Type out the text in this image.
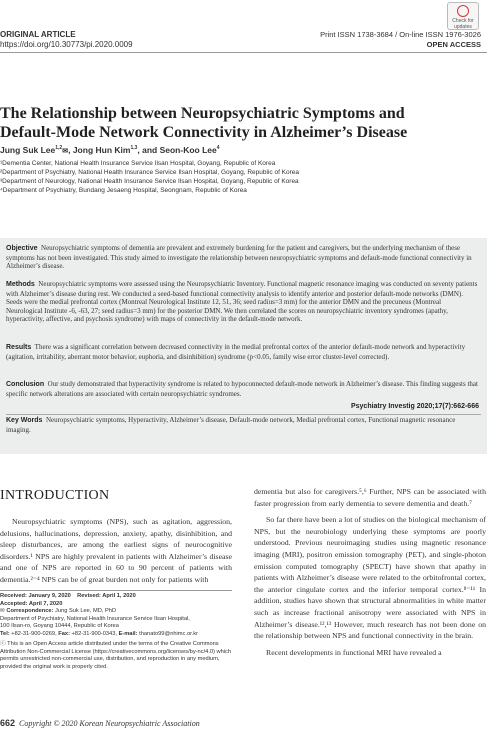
ORIGINAL ARTICLE
https://doi.org/10.30773/pi.2020.0009
Check for updates
Print ISSN 1738-3684 / On-line ISSN 1976-3026
OPEN ACCESS
The Relationship between Neuropsychiatric Symptoms and
Default-Mode Network Connectivity in Alzheimer’s Disease
Jung Suk Lee$^{1,2}$✉, Jong Hun Kim$^{1,3}$, and Seon-Koo Lee$^4$
¹Dementia Center, National Health Insurance Service Ilsan Hospital, Goyang, Republic of Korea
²Department of Psychiatry, National Health Insurance Service Ilsan Hospital, Goyang, Republic of Korea
³Department of Neurology, National Health Insurance Service Ilsan Hospital, Goyang, Republic of Korea
⁴Department of Psychiatry, Bundang Jesaeng Hospital, Seongnam, Republic of Korea
Objective Neuropsychiatric symptoms of dementia are prevalent and extremely burdening for the patient and caregivers, but the underlying mechanism of these symptoms has not been investigated. This study aimed to investigate the relationship between neuropsychiatric symptoms and default-mode functional connectivity in Alzheimer’s disease.
Methods Neuropsychiatric symptoms were assessed using the Neuropsychiatric Inventory. Functional magnetic resonance imaging was conducted on seventy patients with Alzheimer’s disease during rest. We conducted a seed-based functional connectivity analysis to identify anterior and posterior default-mode networks (DMN). Seeds were the medial prefrontal cortex (Montreal Neurological Institute 12, 51, 36; seed radius=3 mm) for the anterior DMN and the precuneus (Montreal Neurological Institute -6, -63, 27; seed radius=3 mm) for the posterior DMN. We then correlated the scores on neuropsychiatric inventory syndromes (apathy, hyperactivity, affective, and psychosis syndrome) with maps of connectivity in the default-mode network.
Results There was a significant correlation between decreased connectivity in the medial prefrontal cortex of the anterior default-mode network and hyperactivity (agitation, irritability, aberrant motor behavior, euphoria, and disinhibition) syndrome (p<0.05, family wise error cluster-level corrected).
Conclusion Our study demonstrated that hyperactivity syndrome is related to hypoconnected default-mode network in Alzheimer’s disease. This finding suggests that specific network alterations are associated with certain neuropsychiatric syndromes.
Key Words Neuropsychiatric symptoms, Hyperactivity, Alzheimer’s disease, Default-mode network, Medial prefrontal cortex, Functional magnetic resonance imaging.
Psychiatry Investig 2020;17(7):662-666
INTRODUCTION

Neuropsychiatric symptoms (NPS), such as agitation, aggression, delusions, hallucinations, depression, anxiety, apathy, disinhibition, and sleep disturbances, are among the earliest signs of neurocognitive disorders.¹ NPS are highly prevalent in patients with Alzheimer’s disease and one of NPS are reported in 60 to 90 percent of patients with dementia.²⁻⁴ NPS can be of great burden not only for patients with

Received: January 9, 2020 Revised: April 1, 2020
Accepted: April 7, 2020
✉ Correspondence: Jung Suk Lee, MD, PhD
Department of Psychiatry, National Health Insurance Service Ilsan Hospital,
100 Ilsan-ro, Goyang 10444, Republic of Korea
Tel: +82-31-900-0269, Fax: +82-31-900-0343, E-mail: thanato99@nhimc.or.kr
ⓒ This is an Open Access article distributed under the terms of the Creative Commons Attribution Non-Commercial License (https://creativecommons.org/licenses/by-nc/4.0) which permits unrestricted non-commercial use, distribution, and reproduction in any medium, provided the original work is properly cited.

dementia but also for caregivers.⁵,⁶ Further, NPS can be associated with faster progression from early dementia to severe dementia and death.⁷

So far there have been a lot of studies on the biological mechanism of NPS, but the neurobiology underlying these symptoms are poorly understood. Previous neuroimaging studies using magnetic resonance imaging (MRI), positron emission tomography (PET), and single-photon emission computed tomography (SPECT) have shown that apathy in patients with Alzheimer’s disease were related to the orbitofrontal cortex, the anterior cingulate cortex and the inferior temporal cortex.⁸⁻¹¹ In addition, studies have shown that structural abnormalities in white matter such as increase fractional anisotropy were associated with NPS in Alzheimer’s disease.¹²,¹³ However, much research has not been done on the relationship between NPS and functional connectivity in the brain.

Recent developments in functional MRI have revealed a

662 Copyright © 2020 Korean Neuropsychiatric Association
